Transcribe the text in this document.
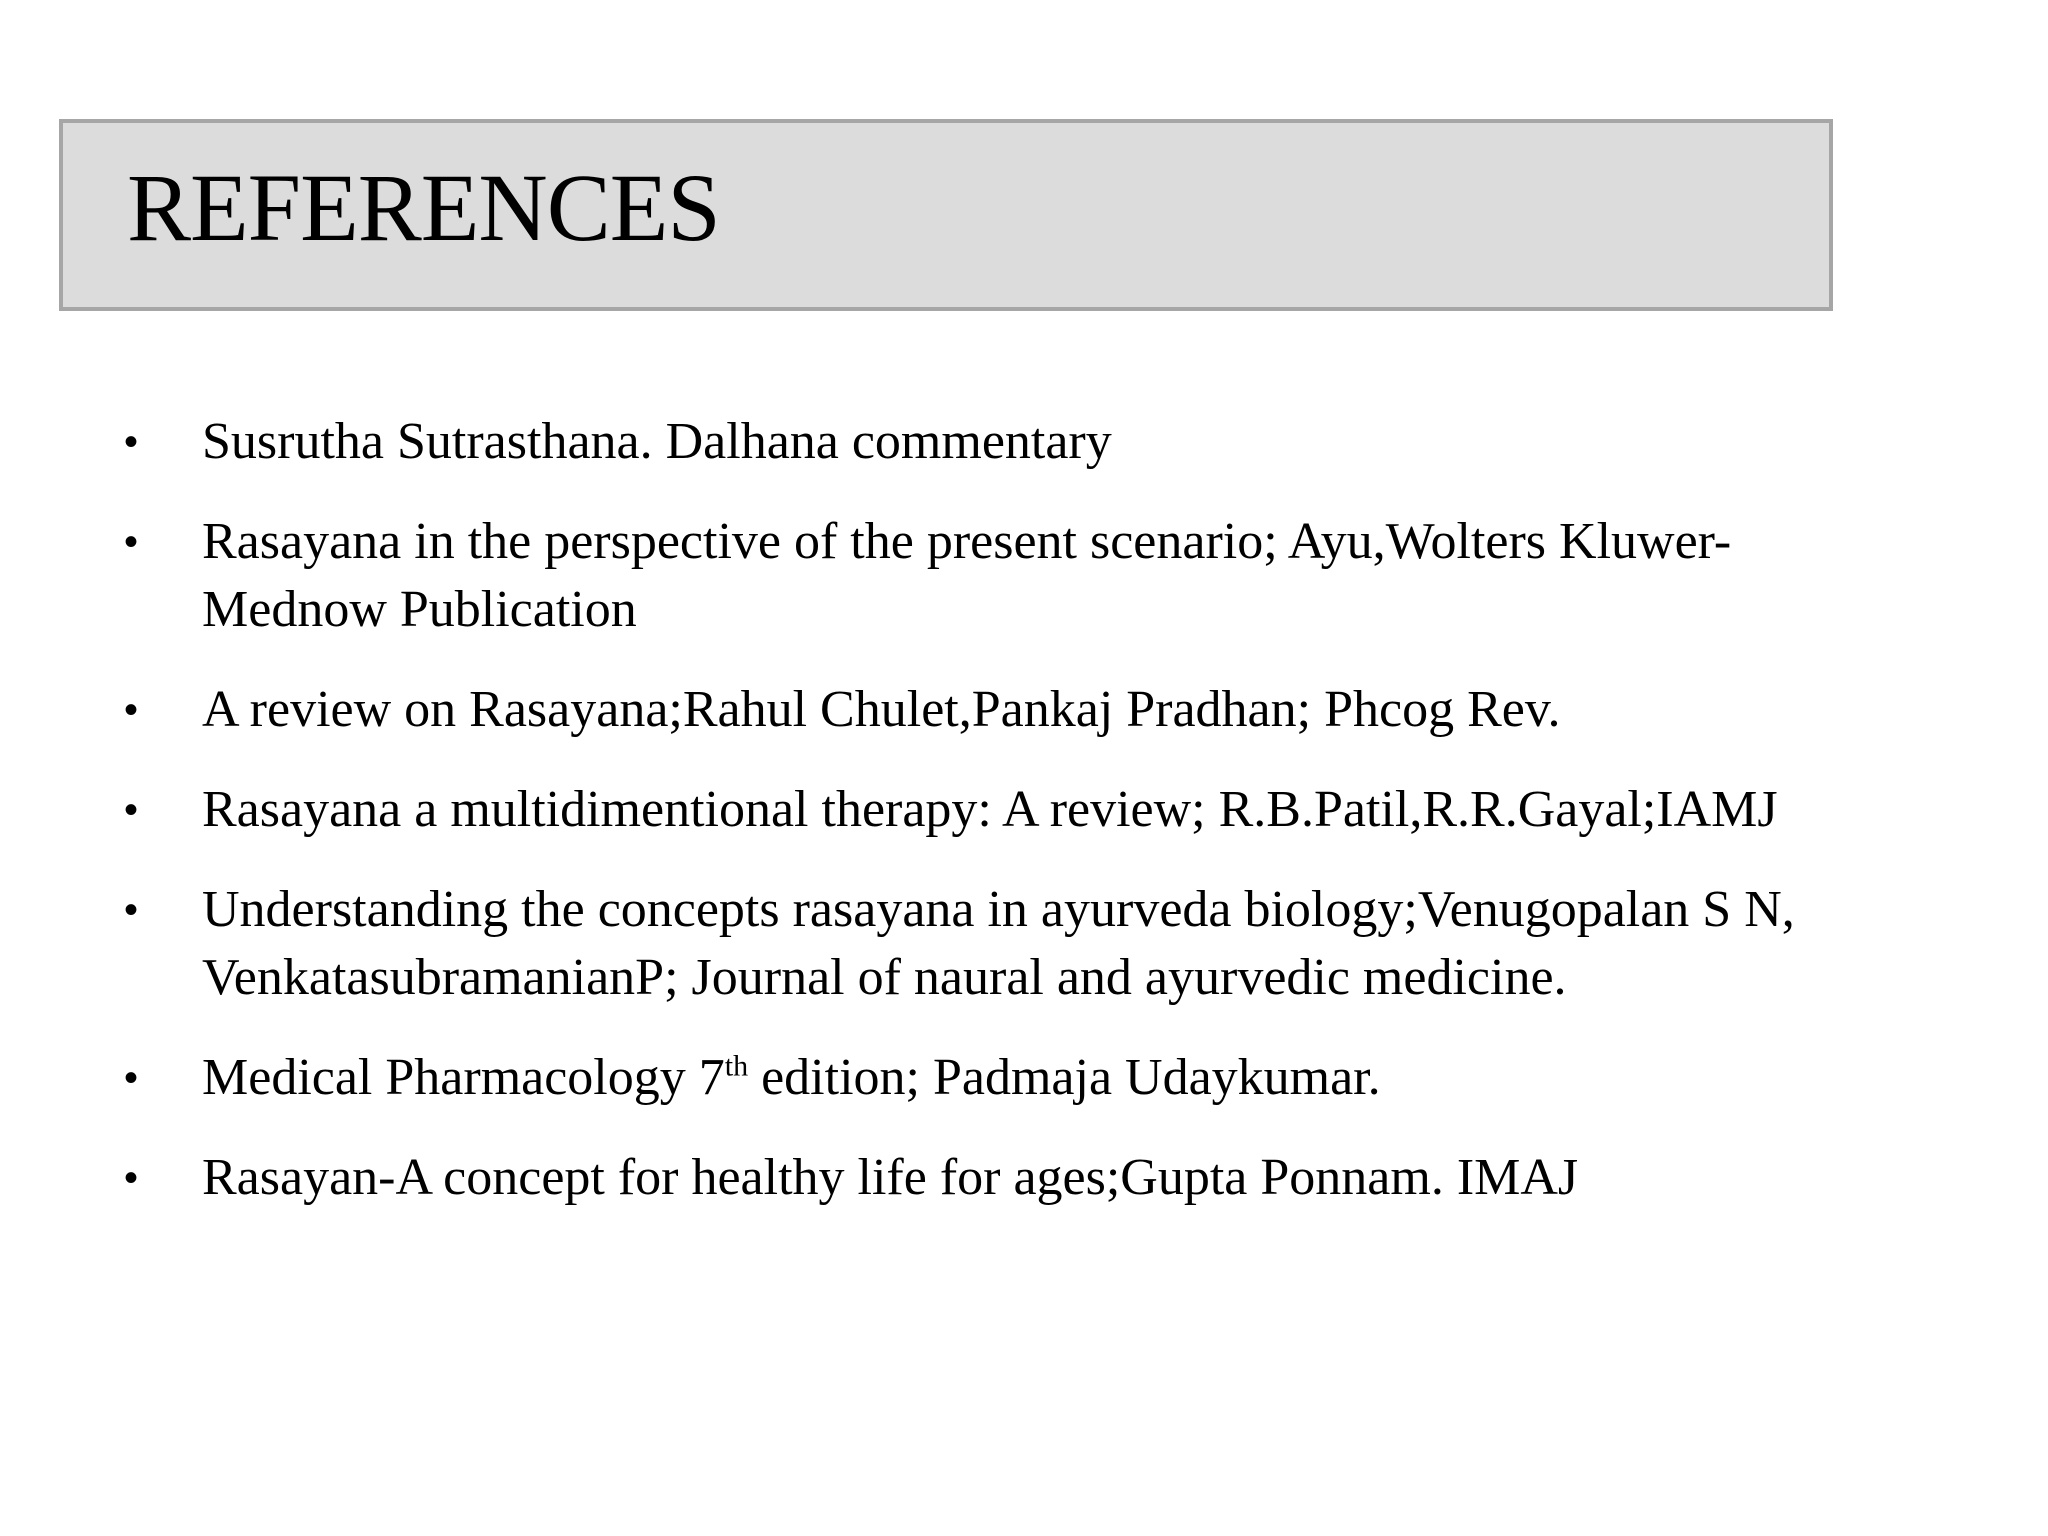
REFERENCES
•	Susrutha Sutrasthana. Dalhana commentary
•	Rasayana in the perspective of the present scenario; Ayu,Wolters Kluwer-Mednow Publication
•	A review on Rasayana;Rahul Chulet,Pankaj Pradhan; Phcog Rev.
•	Rasayana a multidimentional therapy: A review; R.B.Patil,R.R.Gayal;IAMJ
•	Understanding the concepts rasayana in ayurveda biology;Venugopalan S N, VenkatasubramanianP; Journal of naural and ayurvedic medicine.
•	Medical Pharmacology 7th edition; Padmaja Udaykumar.
•	Rasayan-A concept for healthy life for ages;Gupta Ponnam. IMAJ
